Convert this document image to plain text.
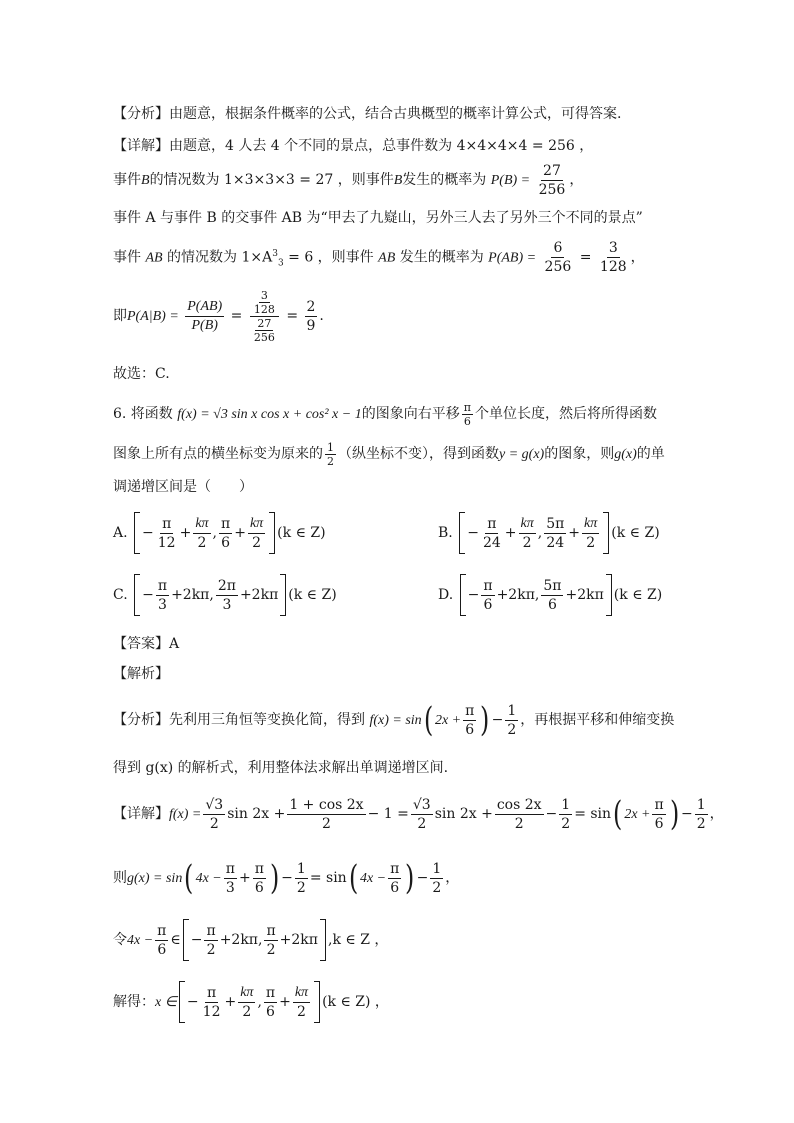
【分析】由题意，根据条件概率的公式，结合古典概型的概率计算公式，可得答案.
【详解】由题意，4 人去 4 个不同的景点，总事件数为 4×4×4×4 = 256 ，
事件B的情况数为 1×3×3×3 = 27 ，则事件B发生的概率为 $P(B) = \frac{27}{256}$ ，
事件 A 与事件 B 的交事件 AB 为“甲去了九嶷山，另外三人去了另外三个不同的景点”
事件 AB 的情况数为 $1\times A^3_3 = 6$ ，则事件 AB 发生的概率为 $P(AB) = \frac{6}{256} = \frac{3}{128}$ ，
即$P(A|B) = \frac{P(AB)}{P(B)} = \frac{\frac{3}{128}}{\frac{27}{256}} = \frac{2}{9}$ .
故选：C.
6. 将函数 f(x) = √3 sin x cos x + cos² x − 1的图象向右平移 $\frac{\pi}{6}$ 个单位长度，然后将所得函数
图象上所有点的横坐标变为原来的 $\frac{1}{2}$ （纵坐标不变），得到函数y = g(x)的图象，则g(x)的单
调递增区间是（　　）
A. − $\frac{\pi}{12} + \frac{k\pi}{2}$ , $\frac{\pi}{6} + \frac{k\pi}{2} (k$ ∈ Z)	B. − $\frac{\pi}{24} + \frac{k\pi}{2}$ , $\frac{5\pi}{24} + \frac{k\pi}{2} (k$ ∈ Z)
C. − $\frac{\pi}{3} +2k\pi$, $\frac{2\pi}{3} +2k\pi$ (k ∈ Z)	D. − $\frac{\pi}{6} +2k\pi$, $\frac{5\pi}{6} +2k\pi$ (k ∈ Z)
【答案】A
【解析】
【分析】先利用三角恒等变换化简，得到 f(x) = sin( $2x + \frac{\pi}{6}$ ) − $\frac{1}{2}$ ，再根据平移和伸缩变换
得到 g(x) 的解析式，利用整体法求解出单调递增区间.
【详解】$f(x) = \frac{√3}{2}$ $\sin 2x + \frac{1 + \cos 2x}{2} - 1 = \frac{√3}{2}$ $\sin 2x + \frac{\cos 2x}{2} - \frac{1}{2} = \sin$( $2x + \frac{\pi}{6}$ ) − $\frac{1}{2}$ ，
则g(x) = sin( $4x - \frac{\pi}{3} + \frac{\pi}{6}$ ) − $\frac{1}{2} = \sin$( $4x - \frac{\pi}{6}$ ) − $\frac{1}{2}$ ，
令$4x - \frac{\pi}{6}$ ∈ − $\frac{\pi}{2} +2k\pi$, $\frac{\pi}{2} +2k\pi$ ,k ∈ Z ，
解得：x ∈ − $\frac{\pi}{12} + \frac{k\pi}{2}$ , $\frac{\pi}{6} + \frac{k\pi}{2} (k$ ∈ Z) ，
